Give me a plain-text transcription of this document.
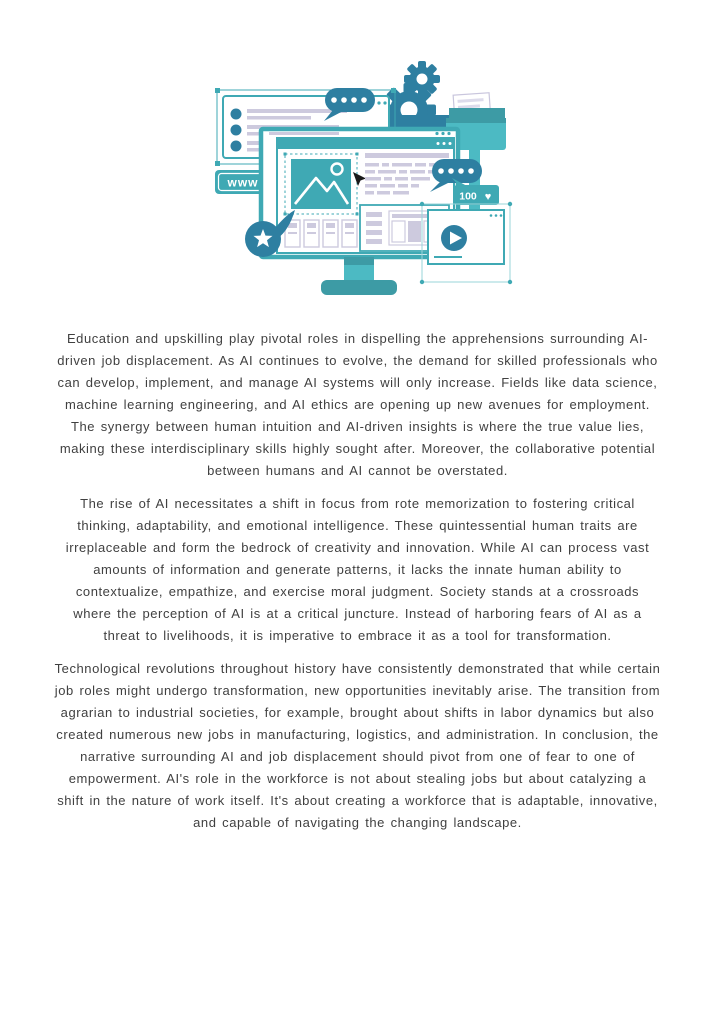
www
100 ♥

Education and upskilling play pivotal roles in dispelling the apprehensions surrounding AI-driven job displacement. As AI continues to evolve, the demand for skilled professionals who can develop, implement, and manage AI systems will only increase. Fields like data science, machine learning engineering, and AI ethics are opening up new avenues for employment. The synergy between human intuition and AI-driven insights is where the true value lies, making these interdisciplinary skills highly sought after. Moreover, the collaborative potential between humans and AI cannot be overstated.

The rise of AI necessitates a shift in focus from rote memorization to fostering critical thinking, adaptability, and emotional intelligence. These quintessential human traits are irreplaceable and form the bedrock of creativity and innovation. While AI can process vast amounts of information and generate patterns, it lacks the innate human ability to contextualize, empathize, and exercise moral judgment. Society stands at a crossroads where the perception of AI is at a critical juncture. Instead of harboring fears of AI as a threat to livelihoods, it is imperative to embrace it as a tool for transformation.

Technological revolutions throughout history have consistently demonstrated that while certain job roles might undergo transformation, new opportunities inevitably arise. The transition from agrarian to industrial societies, for example, brought about shifts in labor dynamics but also created numerous new jobs in manufacturing, logistics, and administration. In conclusion, the narrative surrounding AI and job displacement should pivot from one of fear to one of empowerment. AI's role in the workforce is not about stealing jobs but about catalyzing a shift in the nature of work itself. It's about creating a workforce that is adaptable, innovative, and capable of navigating the changing landscape.
